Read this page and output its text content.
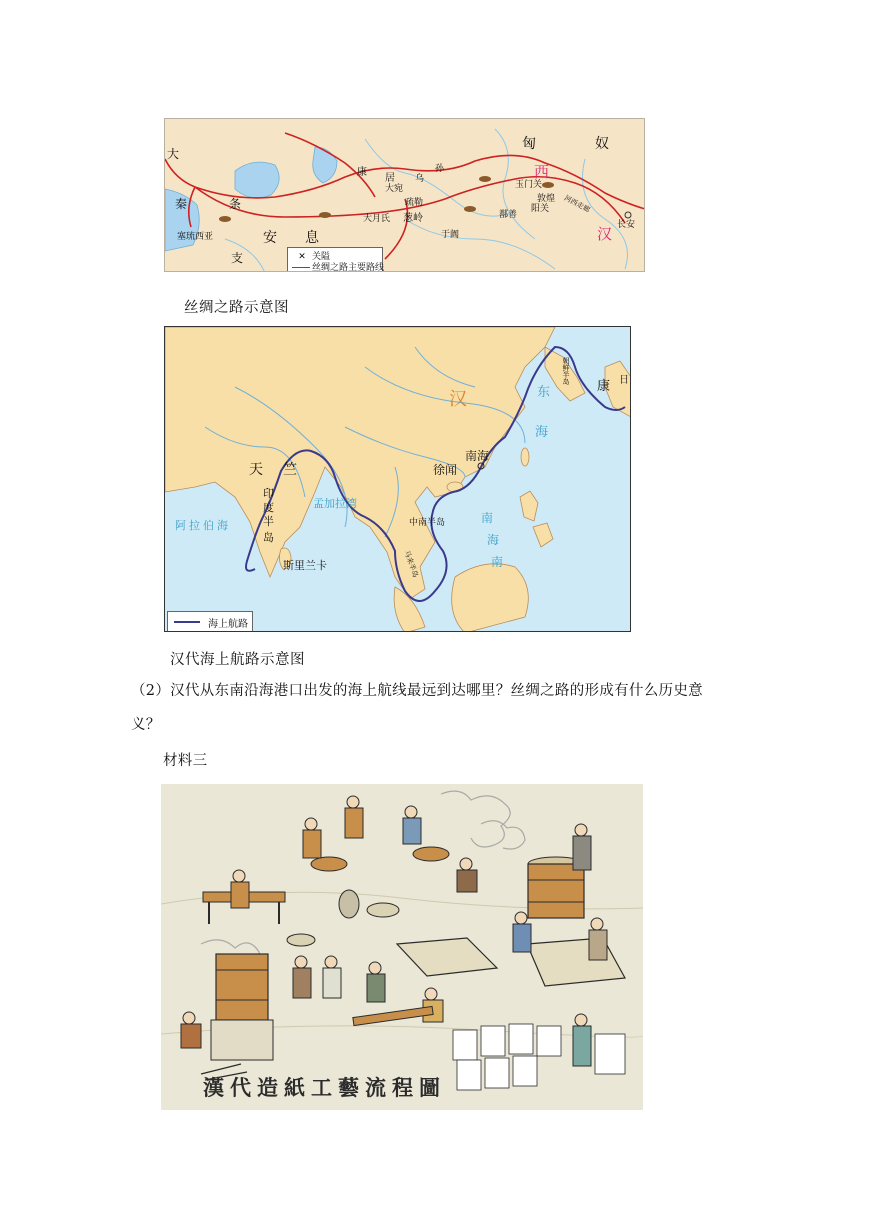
匈	奴
西
汉 长安
康
居
大宛
乌
孙
玉门关
敦煌
阳关 河西走廊
鄯善
于阗
疏勒
葱岭
大月氏
大
秦	条
安 息
支
塞琉西亚
✕ 关隘
丝绸之路主要路线
丝绸之路示意图
汉	东
海
南海
徐闻
天 竺
印
度
半
岛
孟加拉湾
中南半岛
阿拉伯海
斯里兰卡
南
海
南
马来半岛
朝鲜半岛
康 日
海上航路
汉代海上航路示意图
（2）汉代从东南沿海港口出发的海上航线最远到达哪里？丝绸之路的形成有什么历史意
义？
材料三
漢代造紙工藝流程圖
